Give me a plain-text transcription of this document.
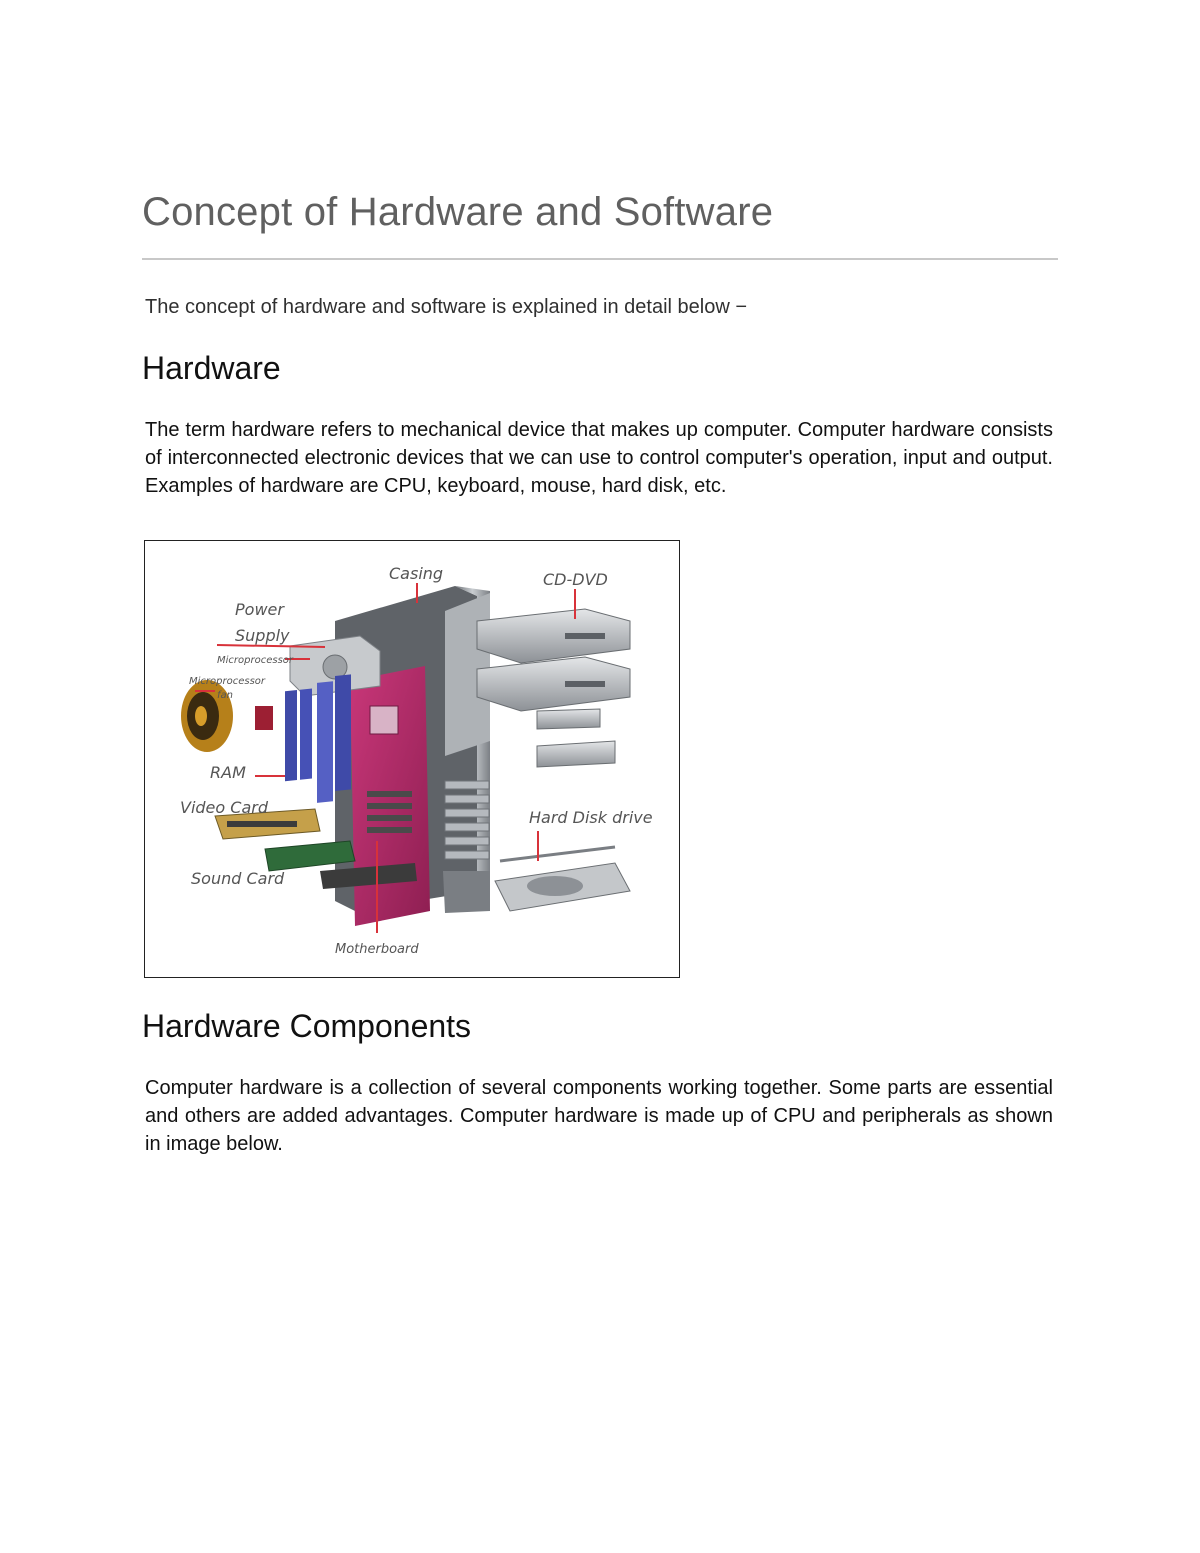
Concept of Hardware and Software

The concept of hardware and software is explained in detail below −

Hardware

The term hardware refers to mechanical device that makes up computer. Computer hardware consists of interconnected electronic devices that we can use to control computer's operation, input and output. Examples of hardware are CPU, keyboard, mouse, hard disk, etc.

Casing	CD-DVD
Power
Supply
Microprocessor
Microprocessor
fan
RAM
Video Card
Hard Disk drive
Sound Card
Motherboard
Hardware Components

Computer hardware is a collection of several components working together. Some parts are essential and others are added advantages. Computer hardware is made up of CPU and peripherals as shown in image below.
